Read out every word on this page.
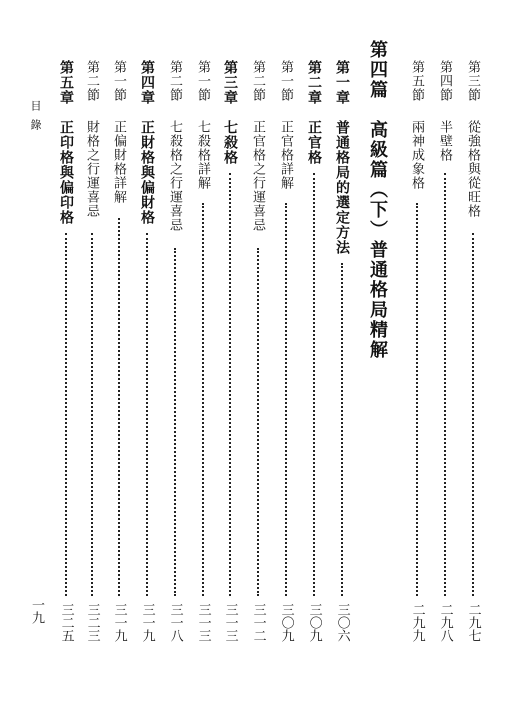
目錄
一九
第四篇
高級篇（下）普通格局精解
第三節
從強格與從旺格
二九七
第四節
半壁格
二九八
第五節
兩神成象格
二九九
第一章
普通格局的選定方法
三〇六
第二章
正官格
三〇九
第一節
正官格詳解
三〇九
第二節
正官格之行運喜忌
三一二
第三章
七殺格
三一三
第一節
七殺格詳解
三一三
第二節
七殺格之行運喜忌
三一八
第四章
正財格與偏財格
三一九
第一節
正偏財格詳解
三一九
第二節
財格之行運喜忌
三二三
第五章
正印格與偏印格
三二五
